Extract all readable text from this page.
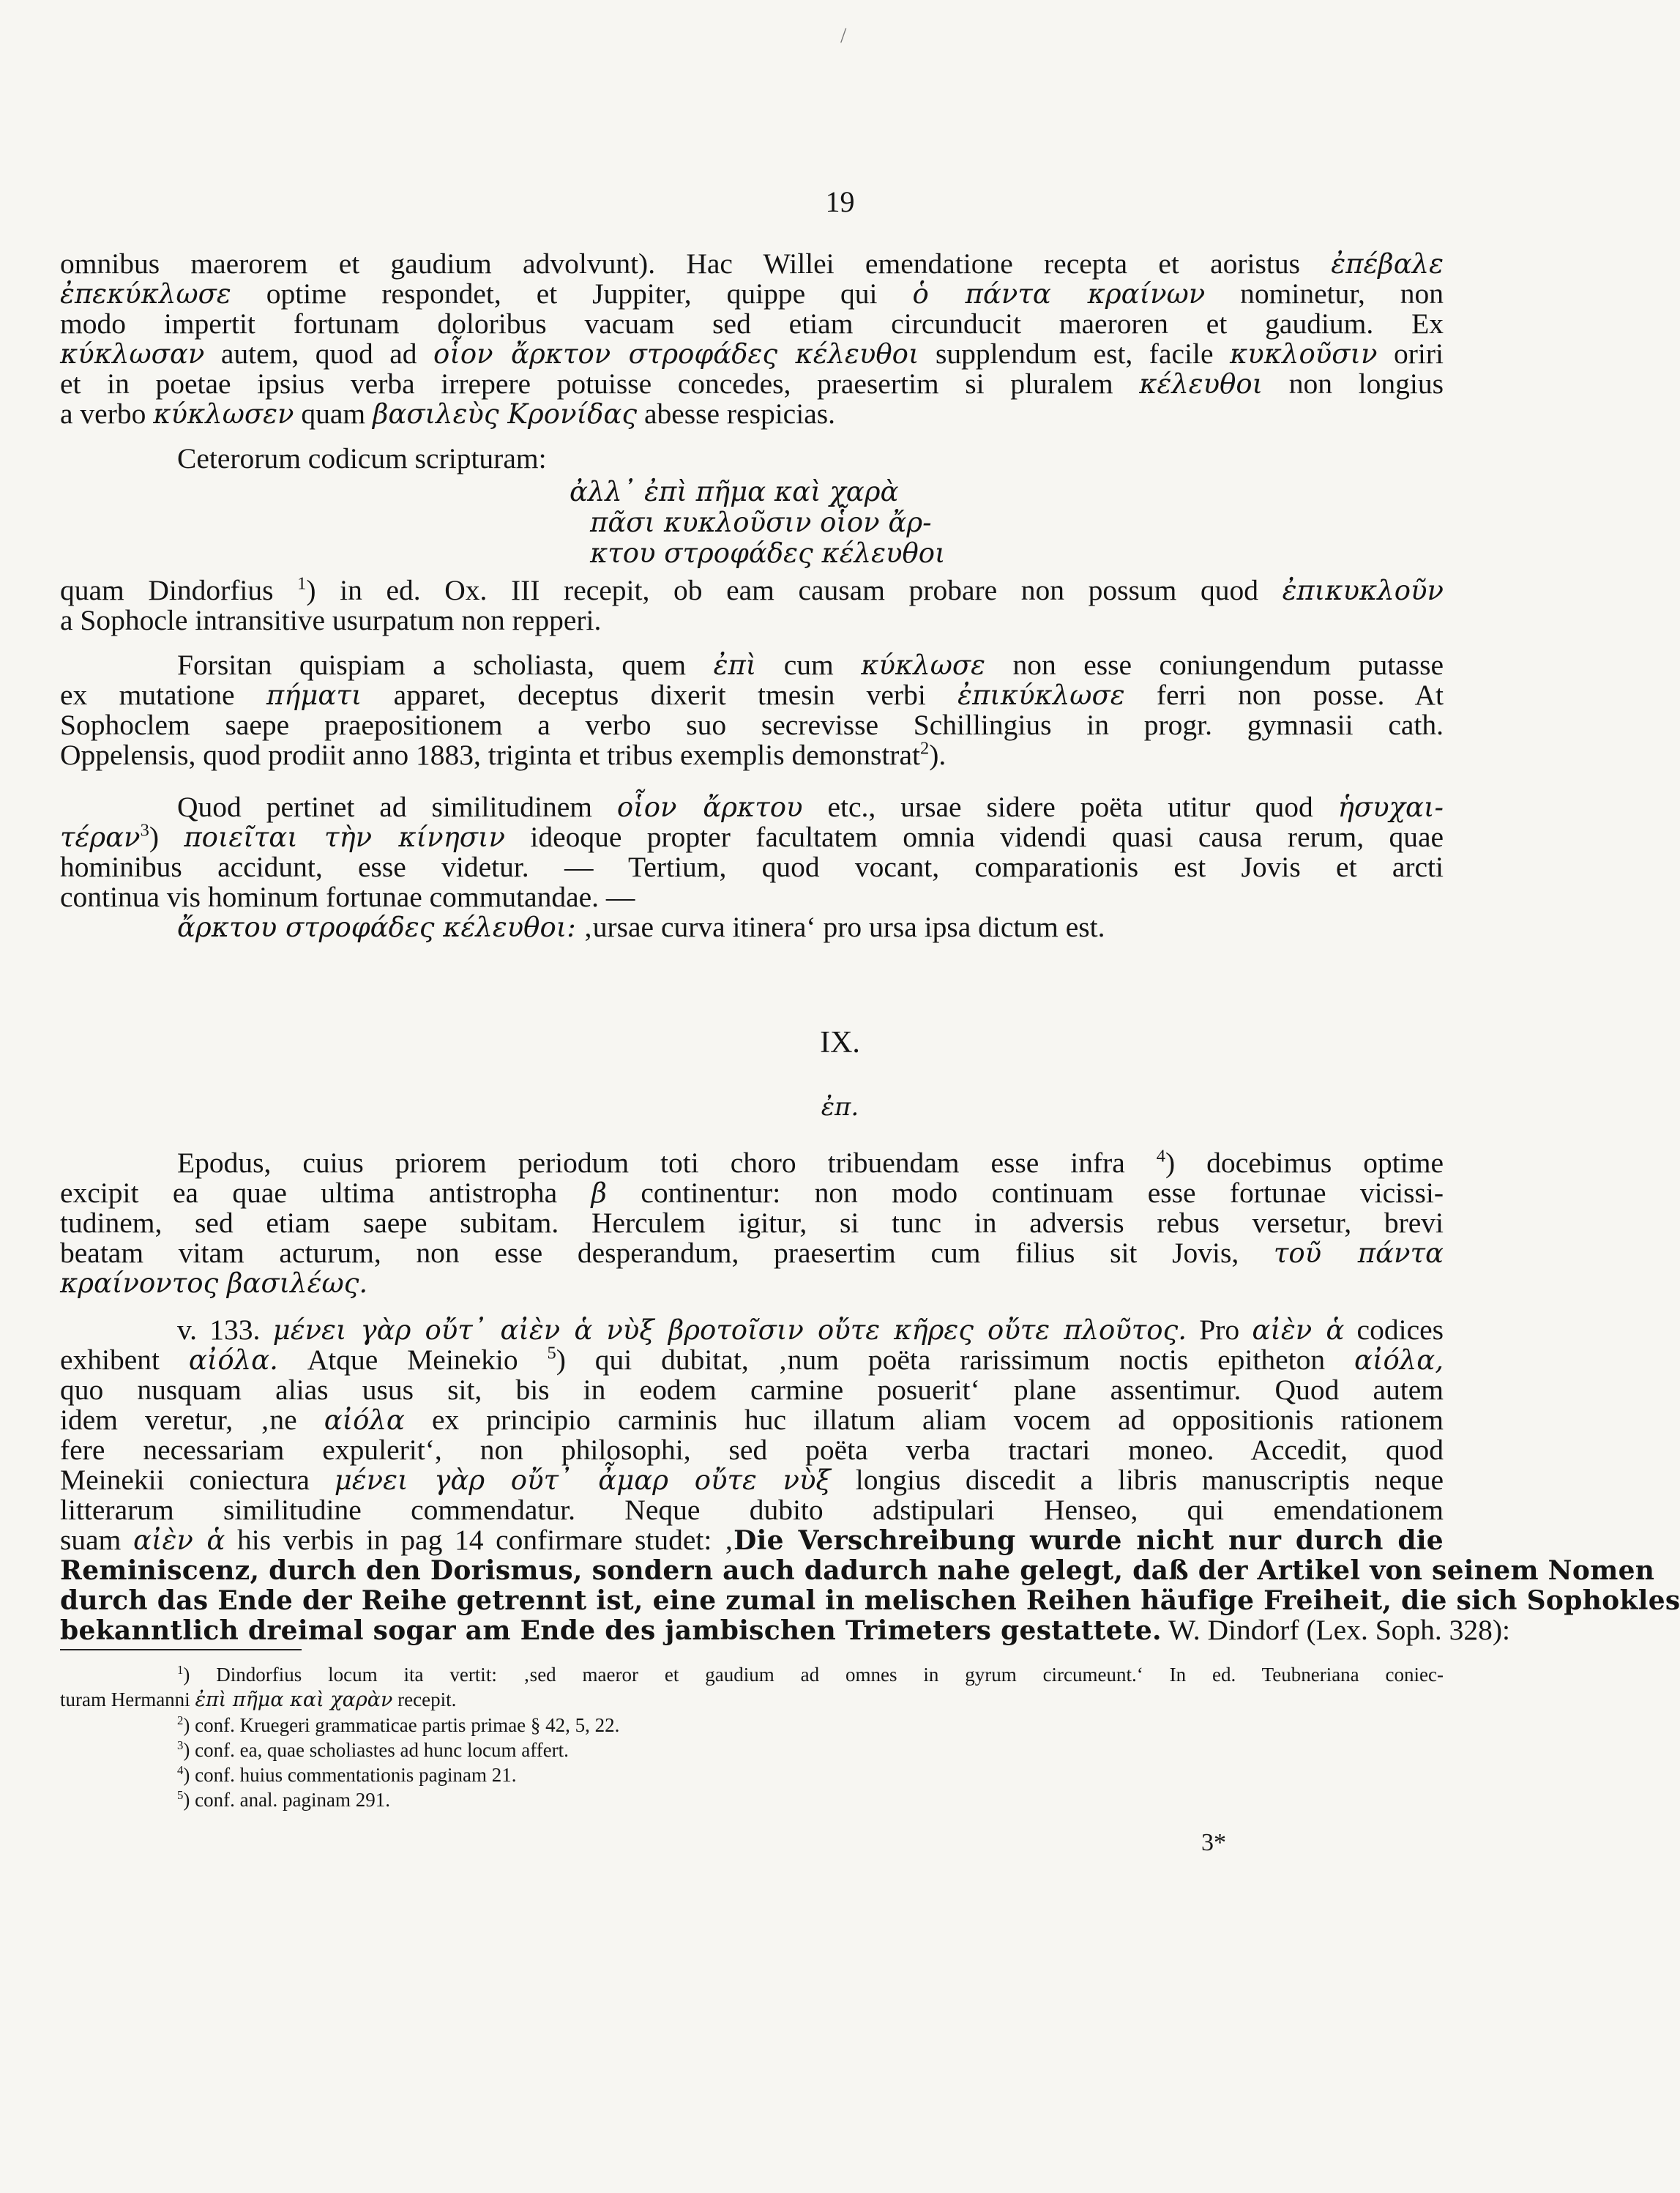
/
19
omnibus maerorem et gaudium advolvunt). Hac Willei emendatione recepta et aoristus ἐπέβαλε
ἐπεκύκλωσε optime respondet, et Juppiter, quippe qui ὁ πάντα κραίνων nominetur, non
modo impertit fortunam doloribus vacuam sed etiam circunducit maeroren et gaudium. Ex
κύκλωσαν autem, quod ad οἷον ἄρκτον στροφάδες κέλευθοι supplendum est, facile κυκλοῦσιν oriri
et in poetae ipsius verba irrepere potuisse concedes, praesertim si pluralem κέλευθοι non longius
a verbo κύκλωσεν quam βασιλεὺς Κρονίδας abesse respicias.
Ceterorum codicum scripturam:
ἀλλ᾽ ἐπὶ πῆμα καὶ χαρὰ
πᾶσι κυκλοῦσιν οἷον ἄρ-
κτου στροφάδες κέλευθοι
quam Dindorfius $^1$) in ed. Ox. III recepit, ob eam causam probare non possum quod ἐπικυκλοῦν
a Sophocle intransitive usurpatum non repperi.
Forsitan quispiam a scholiasta, quem ἐπὶ cum κύκλωσε non esse coniungendum putasse
ex mutatione πήματι apparet, deceptus dixerit tmesin verbi ἐπικύκλωσε ferri non posse. At
Sophoclem saepe praepositionem a verbo suo secrevisse Schillingius in progr. gymnasii cath.
Oppelensis, quod prodiit anno 1883, triginta et tribus exemplis demonstrat$^2$).
Quod pertinet ad similitudinem οἷον ἄρκτου etc., ursae sidere poëta utitur quod ἡσυχαι-
τέραν$^3$) ποιεῖται τὴν κίνησιν ideoque propter facultatem omnia videndi quasi causa rerum, quae
hominibus accidunt, esse videtur. — Tertium, quod vocant, comparationis est Jovis et arcti
continua vis hominum fortunae commutandae. —
ἄρκτου στροφάδες κέλευθοι: ‚ursae curva itinera‘ pro ursa ipsa dictum est.
IX.
ἐπ.
Epodus, cuius priorem periodum toti choro tribuendam esse infra $^4$) docebimus optime
excipit ea quae ultima antistropha β continentur: non modo continuam esse fortunae vicissi-
tudinem, sed etiam saepe subitam. Herculem igitur, si tunc in adversis rebus versetur, brevi
beatam vitam acturum, non esse desperandum, praesertim cum filius sit Jovis, τοῦ πάντα
κραίνοντος βασιλέως.
v. 133. μένει γὰρ οὔτ᾽ αἰὲν ἁ νὺξ βροτοῖσιν οὔτε κῆρες οὔτε πλοῦτος. Pro αἰὲν ἁ codices
exhibent αἰόλα. Atque Meinekio $^5$) qui dubitat, ‚num poëta rarissimum noctis epitheton αἰόλα,
quo nusquam alias usus sit, bis in eodem carmine posuerit‘ plane assentimur. Quod autem
idem veretur, ‚ne αἰόλα ex principio carminis huc illatum aliam vocem ad oppositionis rationem
fere necessariam expulerit‘, non philosophi, sed poëta verba tractari moneo. Accedit, quod
Meinekii coniectura μένει γὰρ οὔτ᾽ ἆμαρ οὔτε νὺξ longius discedit a libris manuscriptis neque
litterarum similitudine commendatur. Neque dubito adstipulari Henseo, qui emendationem
suam αἰὲν ἁ his verbis in pag 14 confirmare studet: ‚Die Verschreibung wurde nicht nur durch die
Reminiscenz, durch den Dorismus, sondern auch dadurch nahe gelegt, daß der Artikel von seinem Nomen
durch das Ende der Reihe getrennt ist, eine zumal in melischen Reihen häufige Freiheit, die sich Sophokles
bekanntlich dreimal sogar am Ende des jambischen Trimeters gestattete. W. Dindorf (Lex. Soph. 328):
$^1$) Dindorfius locum ita vertit: ‚sed maeror et gaudium ad omnes in gyrum circumeunt.‘ In ed. Teubneriana coniec-
turam Hermanni ἐπὶ πῆμα καὶ χαρὰν recepit.
$^2$) conf. Kruegeri grammaticae partis primae § 42, 5, 22.
$^3$) conf. ea, quae scholiastes ad hunc locum affert.
$^4$) conf. huius commentationis paginam 21.
$^5$) conf. anal. paginam 291.
3*
